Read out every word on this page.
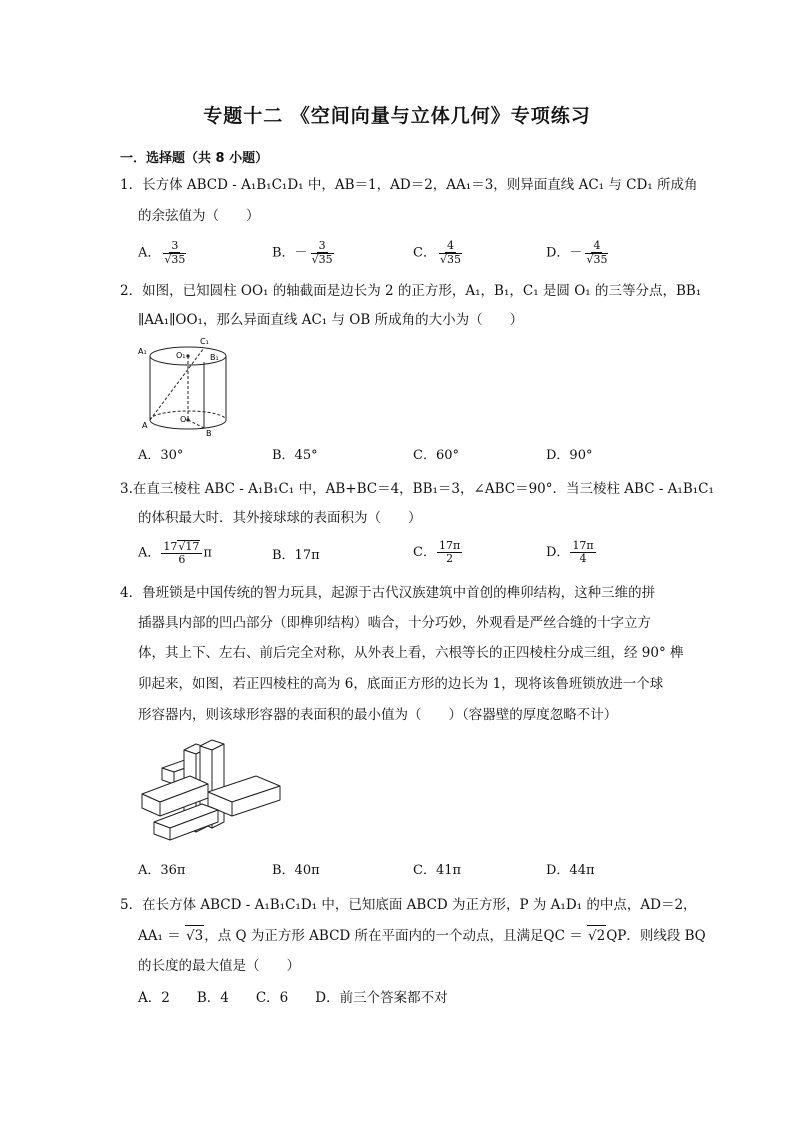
专题十二 《空间向量与立体几何》专项练习
一．选择题（共 8 小题）
1．长方体 ABCD - A₁B₁C₁D₁ 中，AB＝1，AD＝2，AA₁＝3，则异面直线 AC₁ 与 CD₁ 所成角
的余弦值为（　　）
A． 3
√ 35	B．－ 3
√ 35	C． 4
√ 35	D．－ 4
√ 35
2．如图，已知圆柱 OO₁ 的轴截面是边长为 2 的正方形，A₁，B₁，C₁ 是圆 O₁ 的三等分点，BB₁
∥AA₁∥OO₁，那么异面直线 AC₁ 与 OB 所成角的大小为（　　）
A₁	O₁
C₁
B₁
O
A
B
A．30°	B．45°	C．60°	D．90°
3.在直三棱柱 ABC - A₁B₁C₁ 中，AB+BC＝4，BB₁＝3，∠ABC＝90°．当三棱柱 ABC - A₁B₁C₁
的体积最大时．其外接球球的表面积为（　　）
A． $\frac{17√ 17}{6}$ π	B．17π	C． $\frac{17\pi}{2}$	D． $\frac{17\pi}{4}$
4．鲁班锁是中国传统的智力玩具，起源于古代汉族建筑中首创的榫卯结构，这种三维的拼
插器具内部的凹凸部分（即榫卯结构）啮合，十分巧妙，外观看是严丝合缝的十字立方
体，其上下、左右、前后完全对称，从外表上看，六根等长的正四棱柱分成三组，经 90° 榫
卯起来，如图，若正四棱柱的高为 6，底面正方形的边长为 1，现将该鲁班锁放进一个球
形容器内，则该球形容器的表面积的最小值为（　　）（容器壁的厚度忽略不计）
A．36π	B．40π	C．41π	D．44π
5．在长方体 ABCD - A₁B₁C₁D₁ 中，已知底面 ABCD 为正方形，P 为 A₁D₁ 的中点，AD＝2，
AA₁ ＝ √ 3，点 Q 为正方形 ABCD 所在平面内的一个动点，且满足QC ＝ √ 2QP．则线段 BQ
的长度的最大值是（　　）
A．2　　B．4　　C．6　　D．前三个答案都不对
